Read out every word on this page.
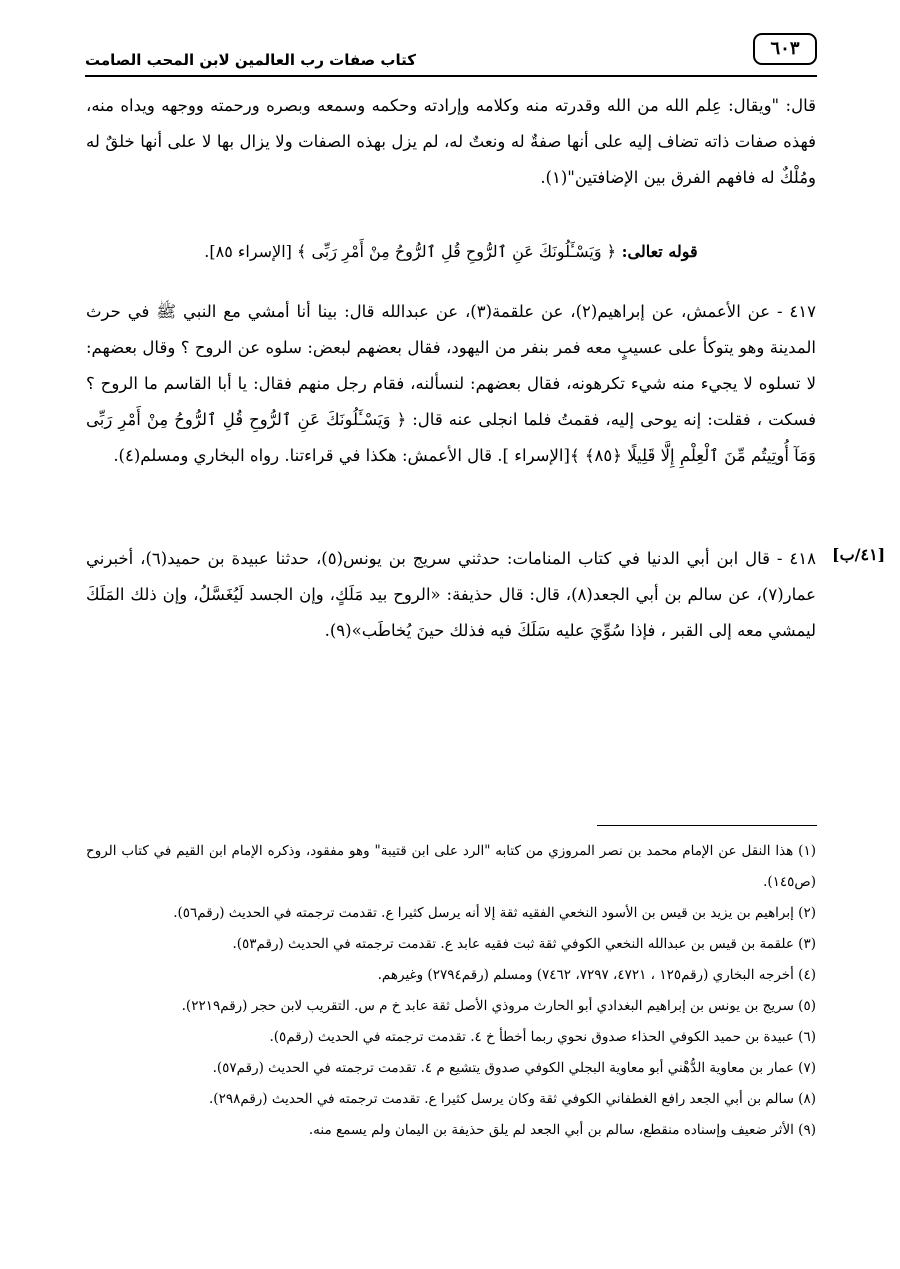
٦٠٣
كتاب صفات رب العالمين لابن المحب الصامت
قال: "ويقال: عِلم الله من الله وقدرته منه وكلامه وإرادته وحكمه وسمعه وبصره ورحمته ووجهه ويداه منه، فهذه صفات ذاته تضاف إليه على أنها صفةٌ له ونعتٌ له، لم يزل بهذه الصفات ولا يزال بها لا على أنها خلقٌ له ومُلْكٌ له فافهم الفرق بين الإضافتين"(١).
قوله تعالى: ﴿ وَيَسْـَٔلُونَكَ عَنِ ٱلرُّوحِ قُلِ ٱلرُّوحُ مِنْ أَمْرِ رَبِّى ﴾ [الإسراء ٨٥].
٤١٧ - عن الأعمش، عن إبراهيم(٢)، عن علقمة(٣)، عن عبدالله قال: بينا أنا أمشي مع النبي ﷺ في حرث المدينة وهو يتوكأ على عسيبٍ معه فمر بنفر من اليهود، فقال بعضهم لبعض: سلوه عن الروح ؟ وقال بعضهم: لا تسلوه لا يجيء منه شيء تكرهونه، فقال بعضهم: لنسألنه، فقام رجل منهم فقال: يا أبا القاسم ما الروح ؟ فسكت ، فقلت: إنه يوحى إليه، فقمتُ فلما انجلى عنه قال: ﴿ وَيَسْـَٔلُونَكَ عَنِ ٱلرُّوحِ قُلِ ٱلرُّوحُ مِنْ أَمْرِ رَبِّى وَمَآ أُوتِيتُم مِّنَ ٱلْعِلْمِ إِلَّا قَلِيلًا ﴿٨٥﴾ ﴾[الإسراء ]. قال الأعمش: هكذا في قراءتنا. رواه البخاري ومسلم(٤).
٤١٨ - قال ابن أبي الدنيا في كتاب المنامات: حدثني سريج بن يونس(٥)، حدثنا عبيدة بن حميد(٦)، أخبرني عمار(٧)، عن سالم بن أبي الجعد(٨)، قال: قال حذيفة: «الروح بيد مَلَكٍ، وإن الجسد لَيُغَسَّلُ، وإن ذلك المَلَكَ ليمشي معه إلى القبر ، فإذا سُوِّيَ عليه سَلَكَ فيه فذلك حينَ يُخاطَب»(٩).
[٤١/ب]

(١) هذا النقل عن الإمام محمد بن نصر المروزي من كتابه "الرد على ابن قتيبة" وهو مفقود، وذكره الإمام ابن القيم في كتاب الروح (ص١٤٥).

(٢) إبراهيم بن يزيد بن قيس بن الأسود النخعي الفقيه ثقة إلا أنه يرسل كثيرا ع. تقدمت ترجمته في الحديث (رقم٥٦).

(٣) علقمة بن قيس بن عبدالله النخعي الكوفي ثقة ثبت فقيه عابد ع. تقدمت ترجمته في الحديث (رقم٥٣).

(٤) أخرجه البخاري (رقم١٢٥ ، ٤٧٢١، ٧٢٩٧، ٧٤٦٢) ومسلم (رقم٢٧٩٤) وغيرهم.

(٥) سريج بن يونس بن إبراهيم البغدادي أبو الحارث مروذي الأصل ثقة عابد خ م س. التقريب لابن حجر (رقم٢٢١٩).

(٦) عبيدة بن حميد الكوفي الحذاء صدوق نحوي ربما أخطأ خ ٤. تقدمت ترجمته في الحديث (رقم٥).

(٧) عمار بن معاوية الدُّهْني أبو معاوية البجلي الكوفي صدوق يتشيع م ٤. تقدمت ترجمته في الحديث (رقم٥٧).

(٨) سالم بن أبي الجعد رافع الغطفاني الكوفي ثقة وكان يرسل كثيرا ع. تقدمت ترجمته في الحديث (رقم٢٩٨).

(٩) الأثر ضعيف وإسناده منقطع، سالم بن أبي الجعد لم يلق حذيفة بن اليمان ولم يسمع منه.
